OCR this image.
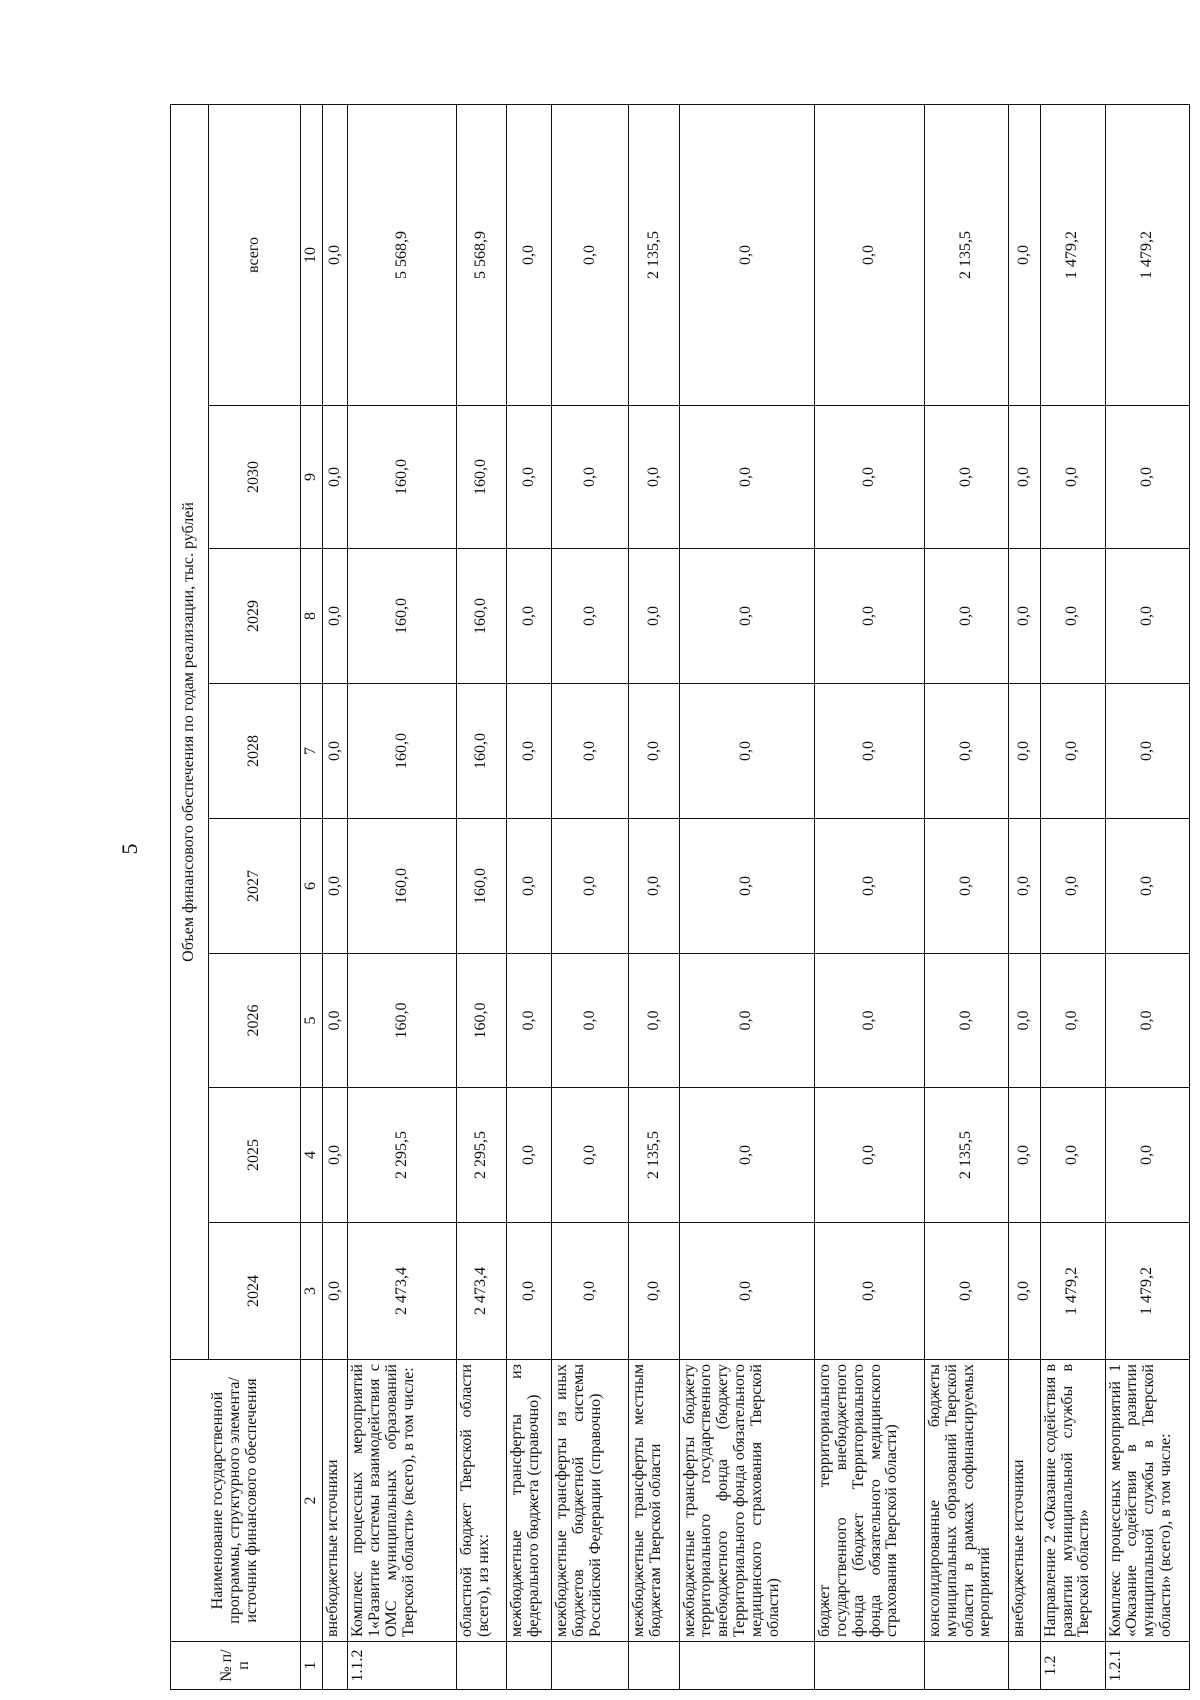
5
№ п/п	Наименование государственной программы, структурного элемента/источник финансового обеспечения	Объем финансового обеспечения по годам реализации, тыс. рублей							
		2024	2025	2026	2027	2028	2029	2030	всего
1	2	3	4	5	6	7	8	9	10
	внебюджетные источники	0,0	0,0	0,0	0,0	0,0	0,0	0,0	0,0
1.1.2	Комплекс процессных мероприятий 1«Развитие системы взаимодействия с ОМС муниципальных образований Тверской области» (всего), в том числе:	2 473,4	2 295,5	160,0	160,0	160,0	160,0	160,0	5 568,9
	областной бюджет Тверской области (всего), из них:	2 473,4	2 295,5	160,0	160,0	160,0	160,0	160,0	5 568,9
	межбюджетные трансферты из федерального бюджета (справочно)	0,0	0,0	0,0	0,0	0,0	0,0	0,0	0,0
	межбюджетные трансферты из иных бюджетов бюджетной системы Российской Федерации (справочно)	0,0	0,0	0,0	0,0	0,0	0,0	0,0	0,0
	межбюджетные трансферты местным бюджетам Тверской области	0,0	2 135,5	0,0	0,0	0,0	0,0	0,0	2 135,5
	межбюджетные трансферты бюджету территориального государственного внебюджетного фонда (бюджету Территориального фонда обязательного медицинского страхования Тверской области)	0,0	0,0	0,0	0,0	0,0	0,0	0,0	0,0
	бюджет территориального государственного внебюджетного фонда (бюджет Территориального фонда обязательного медицинского страхования Тверской области)	0,0	0,0	0,0	0,0	0,0	0,0	0,0	0,0
	консолидированные бюджеты муниципальных образований Тверской области в рамках софинансируемых мероприятий	0,0	2 135,5	0,0	0,0	0,0	0,0	0,0	2 135,5
	внебюджетные источники	0,0	0,0	0,0	0,0	0,0	0,0	0,0	0,0
1.2	Направление 2 «Оказание содействия в развитии муниципальной службы в Тверской области»	1 479,2	0,0	0,0	0,0	0,0	0,0	0,0	1 479,2
1.2.1	Комплекс процессных мероприятий 1 «Оказание содействия в развитии муниципальной службы в Тверской области» (всего), в том числе:	1 479,2	0,0	0,0	0,0	0,0	0,0	0,0	1 479,2
